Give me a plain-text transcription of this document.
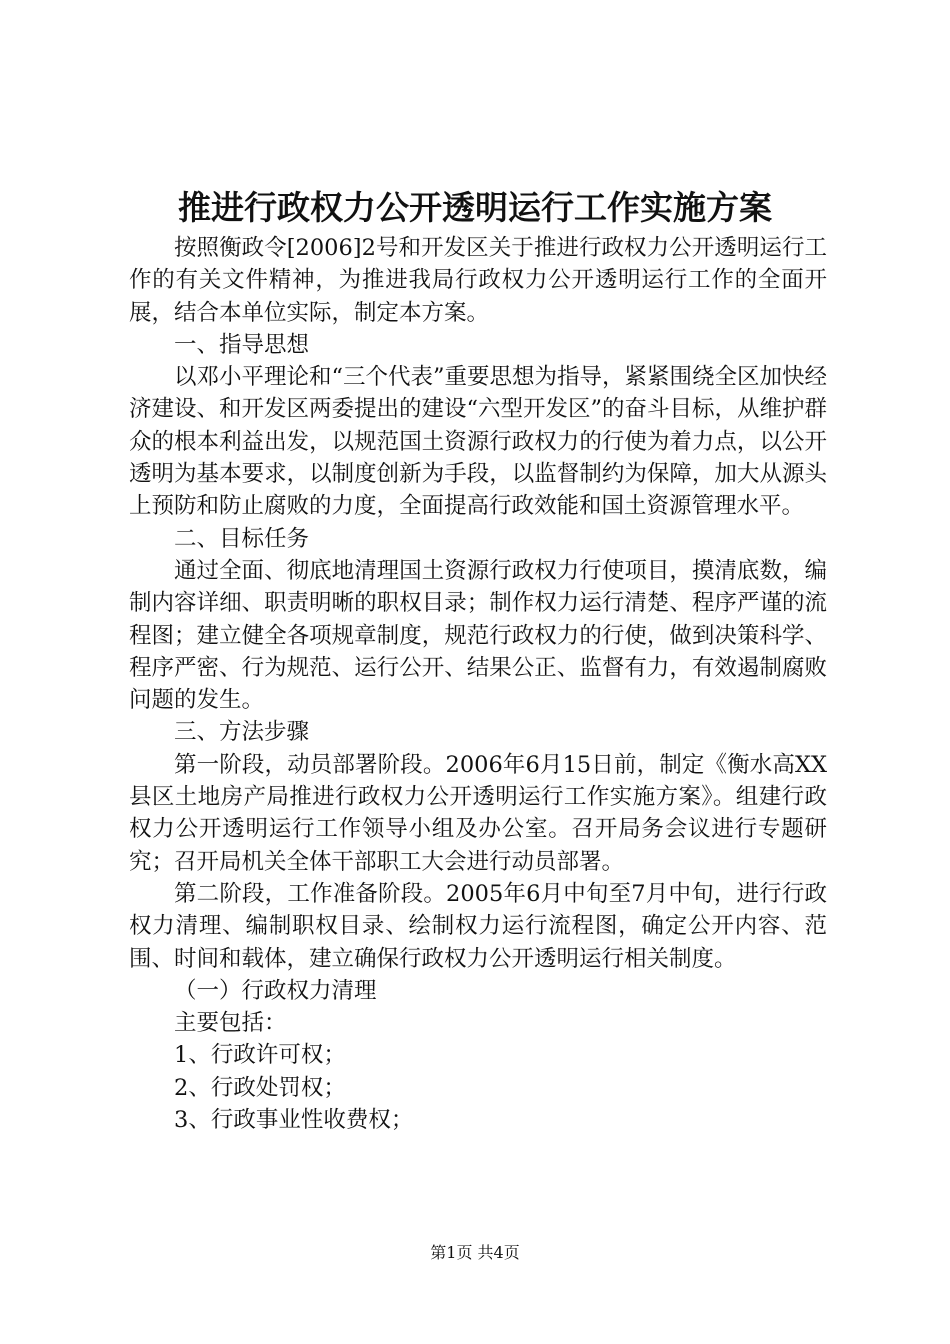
推进行政权力公开透明运行工作实施方案

按照衡政令[2006]2号和开发区关于推进行政权力公开透明运行工作的有关文件精神，为推进我局行政权力公开透明运行工作的全面开展，结合本单位实际，制定本方案。

一、指导思想

以邓小平理论和“三个代表”重要思想为指导，紧紧围绕全区加快经济建设、和开发区两委提出的建设“六型开发区”的奋斗目标，从维护群众的根本利益出发，以规范国土资源行政权力的行使为着力点，以公开透明为基本要求，以制度创新为手段，以监督制约为保障，加大从源头上预防和防止腐败的力度，全面提高行政效能和国土资源管理水平。

二、目标任务

通过全面、彻底地清理国土资源行政权力行使项目，摸清底数，编制内容详细、职责明晰的职权目录；制作权力运行清楚、程序严谨的流程图；建立健全各项规章制度，规范行政权力的行使，做到决策科学、程序严密、行为规范、运行公开、结果公正、监督有力，有效遏制腐败问题的发生。

三、方法步骤

第一阶段，动员部署阶段。2006年6月15日前，制定《衡水高XX县区土地房产局推进行政权力公开透明运行工作实施方案》。组建行政权力公开透明运行工作领导小组及办公室。召开局务会议进行专题研究；召开局机关全体干部职工大会进行动员部署。

第二阶段，工作准备阶段。2005年6月中旬至7月中旬，进行行政权力清理、编制职权目录、绘制权力运行流程图，确定公开内容、范围、时间和载体，建立确保行政权力公开透明运行相关制度。

（一）行政权力清理

主要包括：

1、行政许可权；

2、行政处罚权；

3、行政事业性收费权；

第1页 共4页
